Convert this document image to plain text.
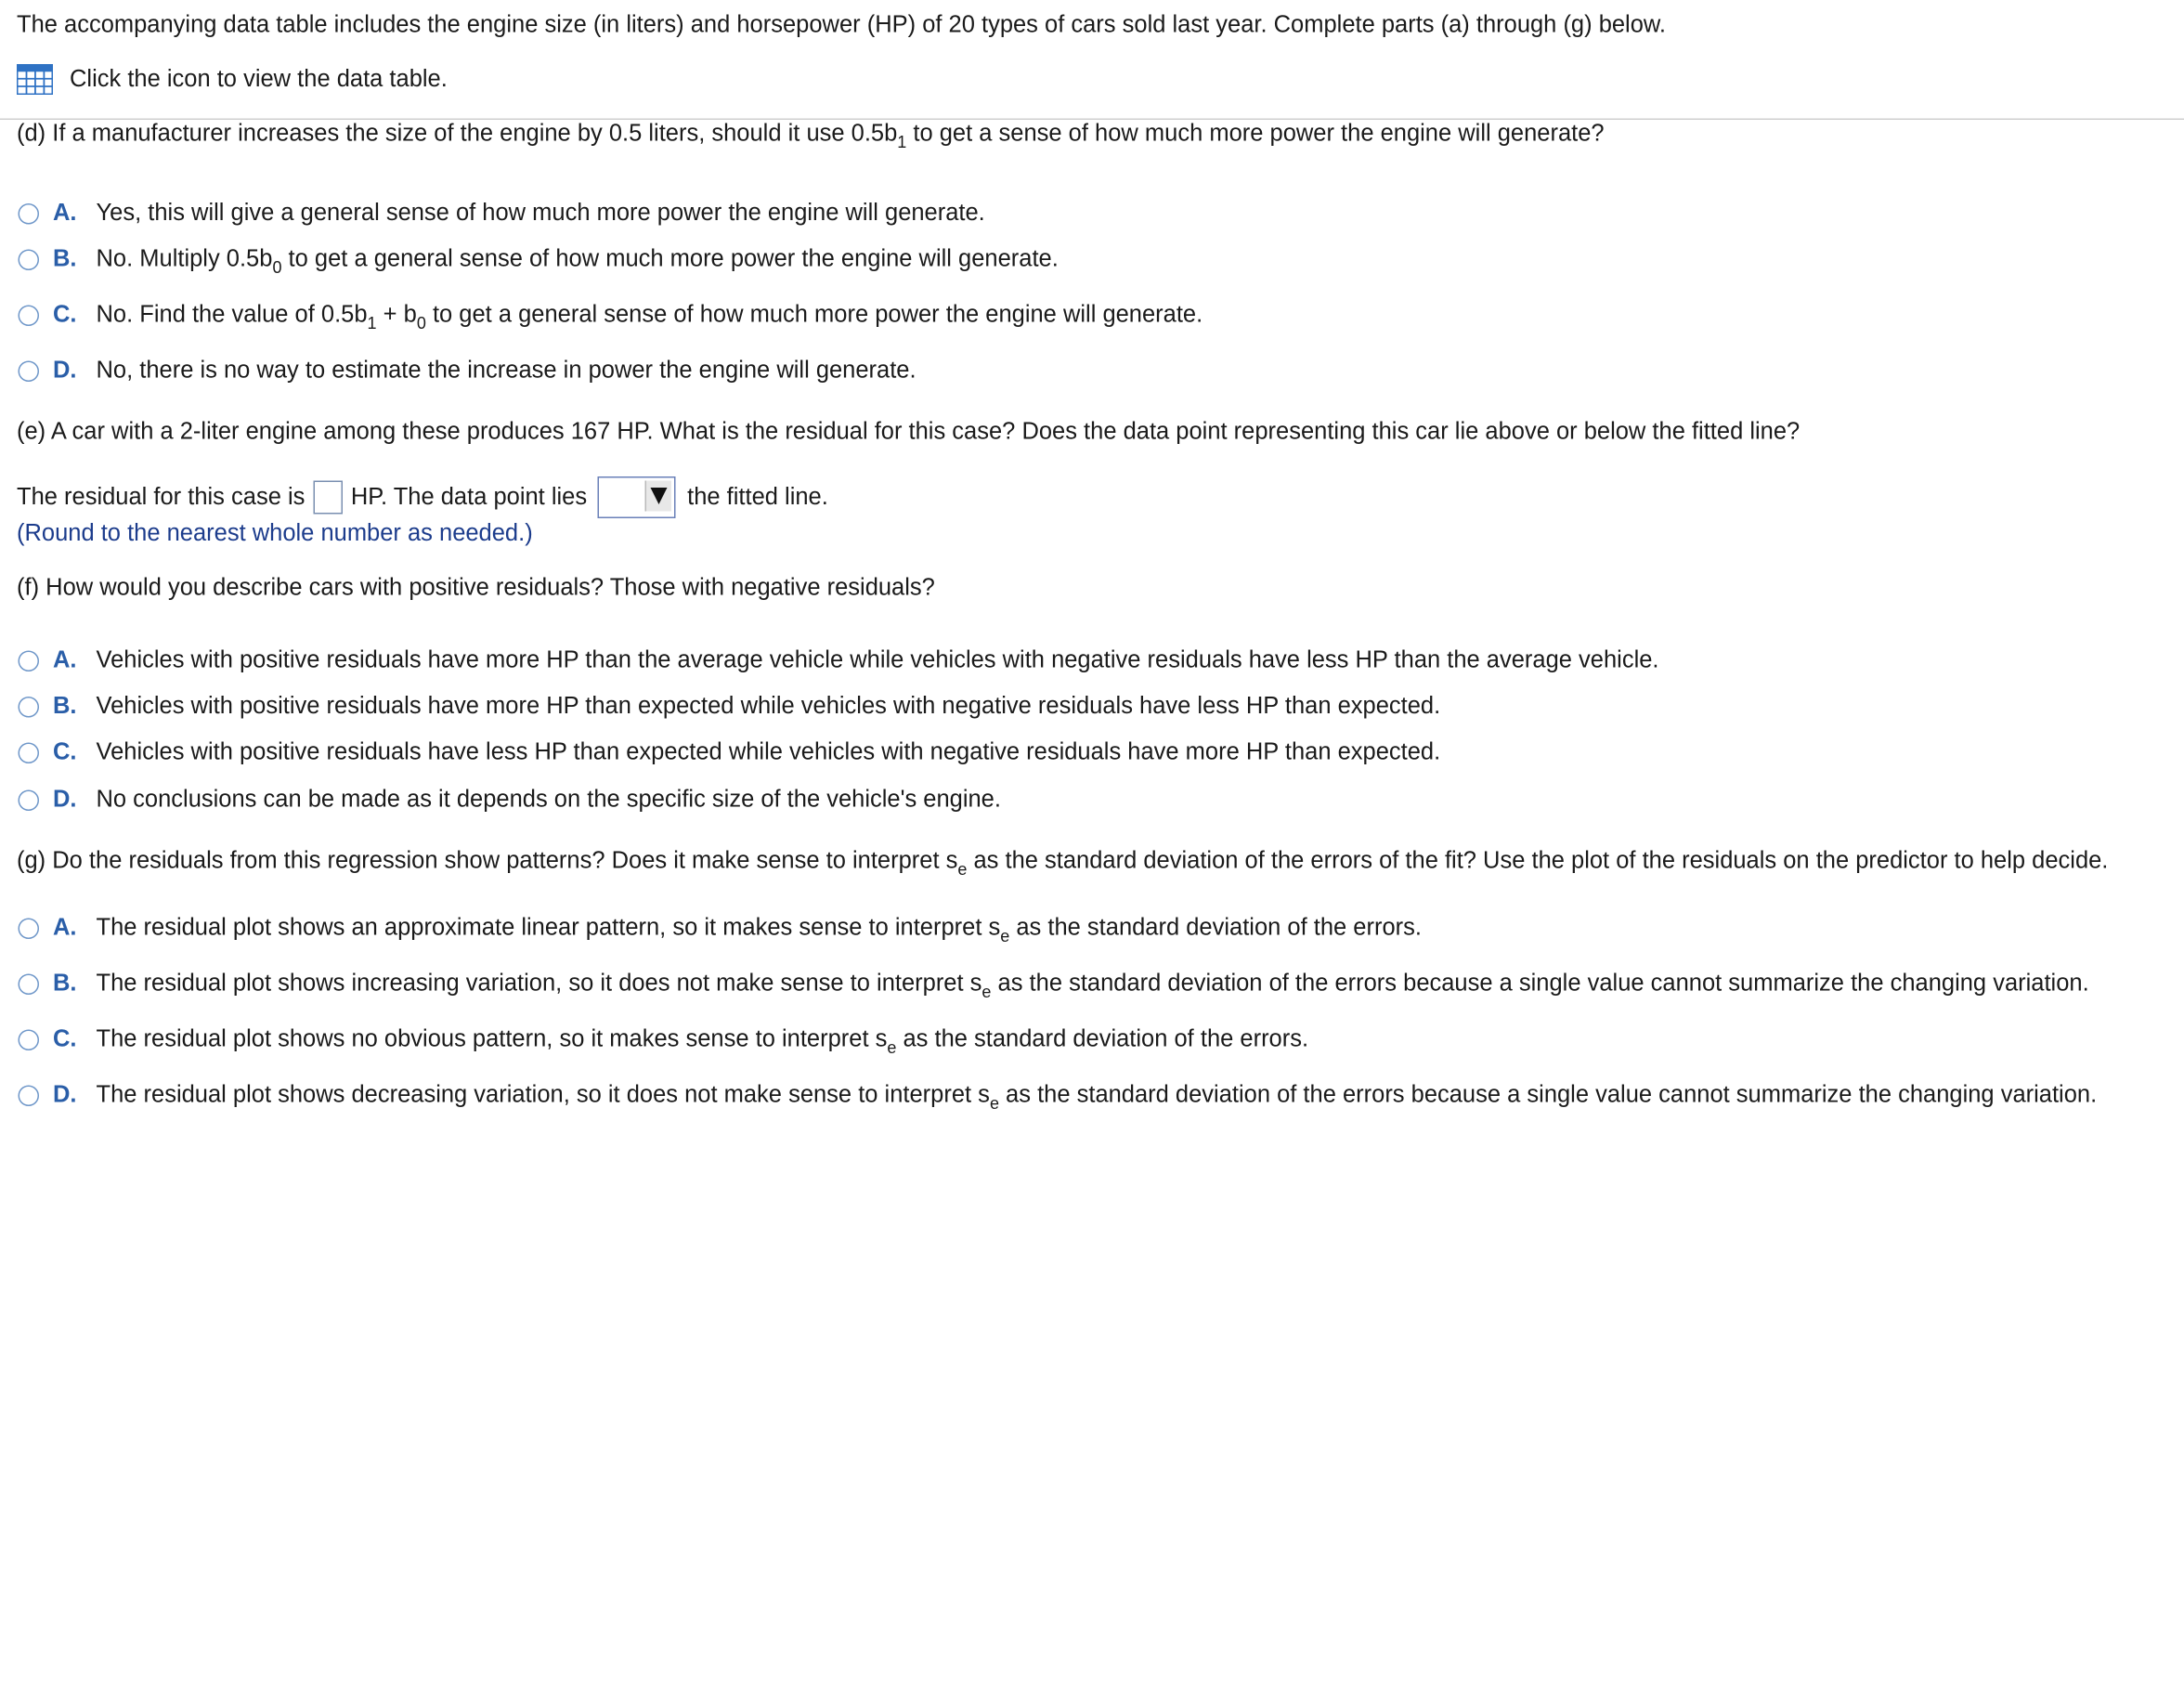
The accompanying data table includes the engine size (in liters) and horsepower (HP) of 20 types of cars sold last year. Complete parts (a) through (g) below.
Click the icon to view the data table.
(d) If a manufacturer increases the size of the engine by 0.5 liters, should it use $0.5b_1$ to get a sense of how much more power the engine will generate?
A.	Yes, this will give a general sense of how much more power the engine will generate.
B.	No. Multiply $0.5b_0$ to get a general sense of how much more power the engine will generate.
C.	No. Find the value of $0.5b_1 + b_0$ to get a general sense of how much more power the engine will generate.
D.	No, there is no way to estimate the increase in power the engine will generate.
(e) A car with a 2-liter engine among these produces 167 HP. What is the residual for this case? Does the data point representing this car lie above or below the fitted line?
The residual for this case is	HP. The data point lies	the fitted line.
(Round to the nearest whole number as needed.)
(f) How would you describe cars with positive residuals? Those with negative residuals?
A.	Vehicles with positive residuals have more HP than the average vehicle while vehicles with negative residuals have less HP than the average vehicle.
B.	Vehicles with positive residuals have more HP than expected while vehicles with negative residuals have less HP than expected.
C.	Vehicles with positive residuals have less HP than expected while vehicles with negative residuals have more HP than expected.
D.	No conclusions can be made as it depends on the specific size of the vehicle's engine.
(g) Do the residuals from this regression show patterns? Does it make sense to interpret $s_e$ as the standard deviation of the errors of the fit? Use the plot of the residuals on the predictor to help decide.
A.	The residual plot shows an approximate linear pattern, so it makes sense to interpret $s_e$ as the standard deviation of the errors.
B.	The residual plot shows increasing variation, so it does not make sense to interpret $s_e$ as the standard deviation of the errors because a single value cannot summarize the changing variation.
C.	The residual plot shows no obvious pattern, so it makes sense to interpret $s_e$ as the standard deviation of the errors.
D.	The residual plot shows decreasing variation, so it does not make sense to interpret $s_e$ as the standard deviation of the errors because a single value cannot summarize the changing variation.
